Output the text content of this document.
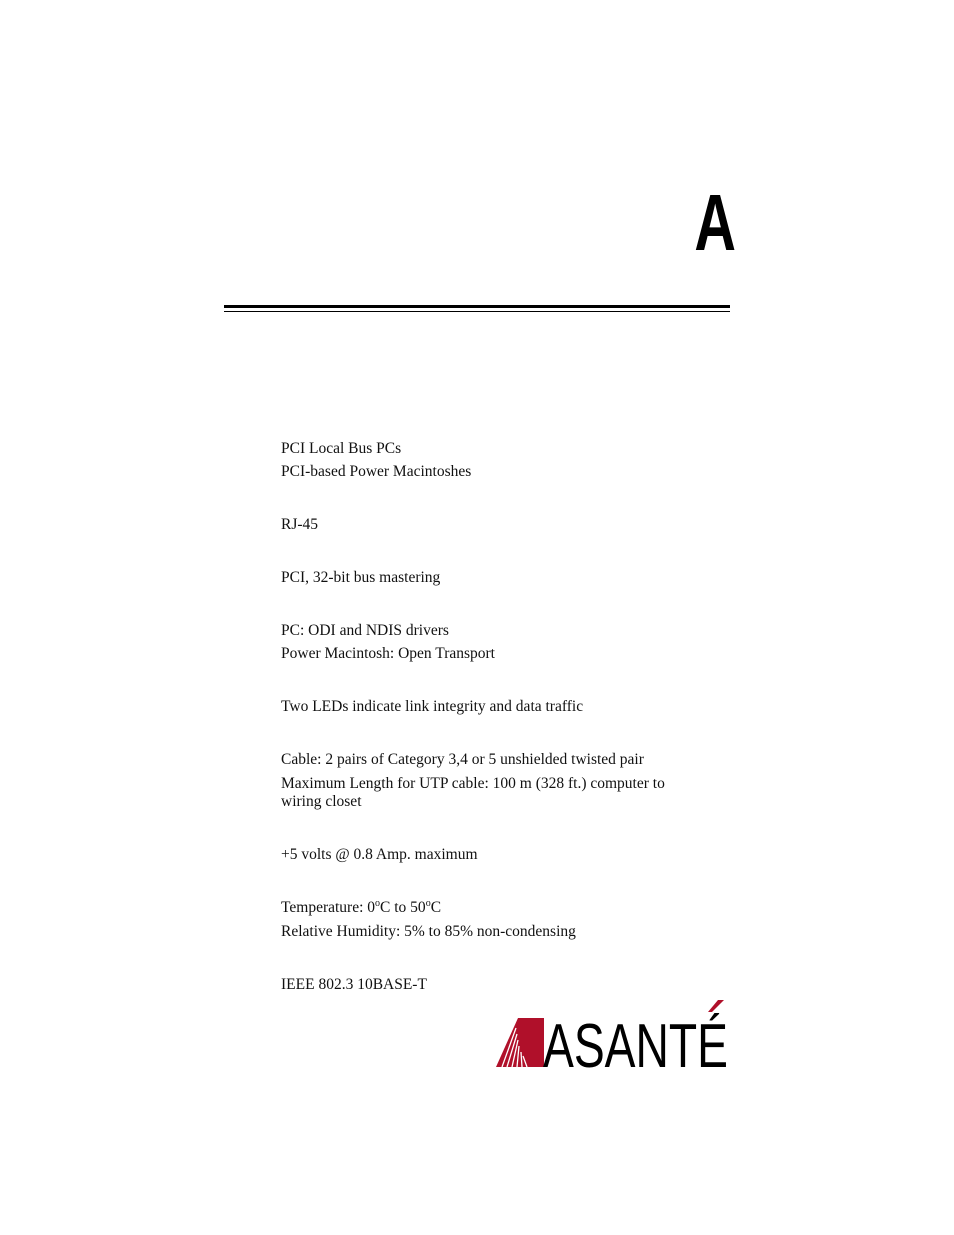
A
PCI Local Bus PCs
PCI-based Power Macintoshes
RJ-45
PCI, 32-bit bus mastering
PC: ODI and NDIS drivers
Power Macintosh: Open Transport
Two LEDs indicate link integrity and data traffic
Cable: 2 pairs of Category 3,4 or 5 unshielded twisted pair
Maximum Length for UTP cable: 100 m (328 ft.) computer to wiring closet
+5 volts @ 0.8 Amp. maximum
Temperature: 0$^o$C to 50$^o$C
Relative Humidity: 5% to 85% non-condensing
IEEE 802.3 10BASE-T
ASANTÉ
